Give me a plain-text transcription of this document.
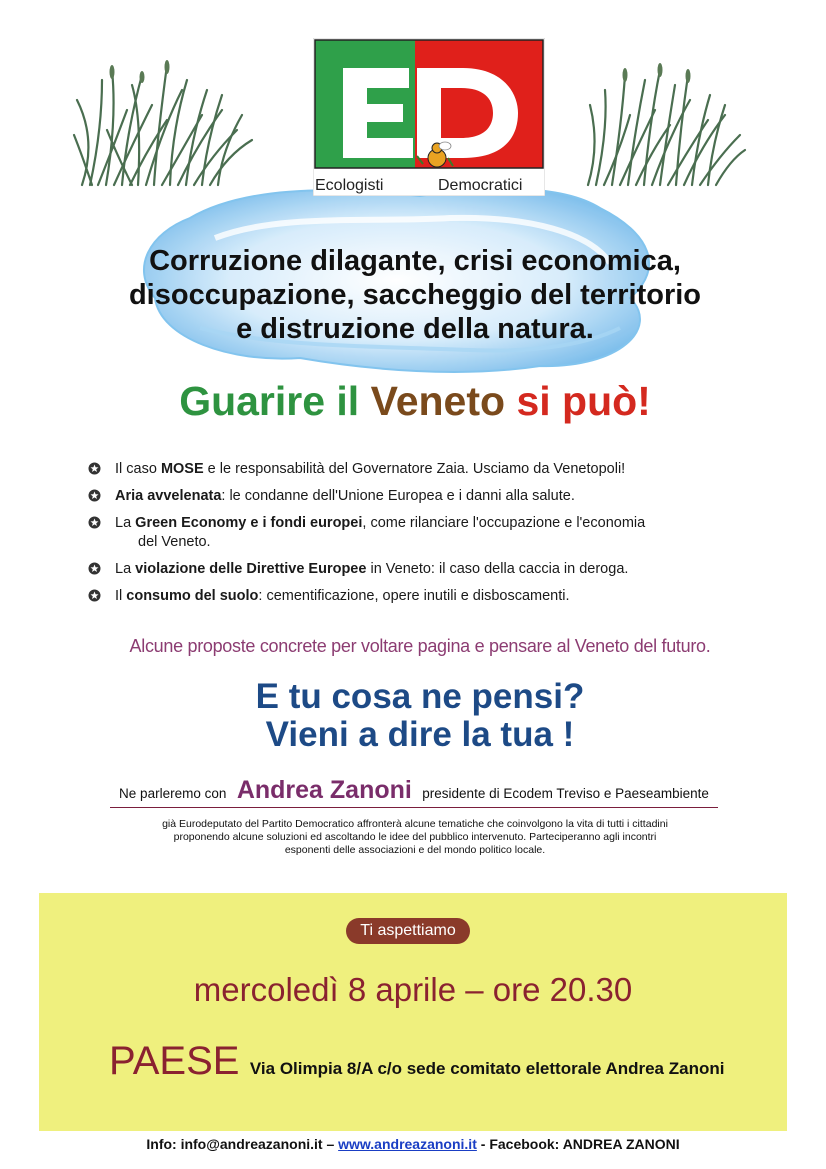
Ecologisti	Democratici
Corruzione dilagante, crisi economica,
disoccupazione, saccheggio del territorio
e distruzione della natura.
Guarire il Veneto si può!
Il caso MOSE e le responsabilità del Governatore Zaia. Usciamo da Venetopoli!
Aria avvelenata: le condanne dell'Unione Europea e i danni alla salute.
La Green Economy e i fondi europei, come rilanciare l'occupazione e l'economia
del Veneto.
La violazione delle Direttive Europee in Veneto: il caso della caccia in deroga.
Il consumo del suolo: cementificazione, opere inutili e disboscamenti.
Alcune proposte concrete per voltare pagina e pensare al Veneto del futuro.
E tu cosa ne pensi?
Vieni a dire la tua !
Ne parleremo con Andrea Zanoni presidente di Ecodem Treviso e Paeseambiente
già Eurodeputato del Partito Democratico affronterà alcune tematiche che coinvolgono la vita di tutti i cittadini
proponendo alcune soluzioni ed ascoltando le idee del pubblico intervenuto. Parteciperanno agli incontri
esponenti delle associazioni e del mondo politico locale.
Ti aspettiamo
mercoledì 8 aprile – ore 20.30
PAESE Via Olimpia 8/A c/o sede comitato elettorale Andrea Zanoni
Info: info@andreazanoni.it – www.andreazanoni.it - Facebook: ANDREA ZANONI
